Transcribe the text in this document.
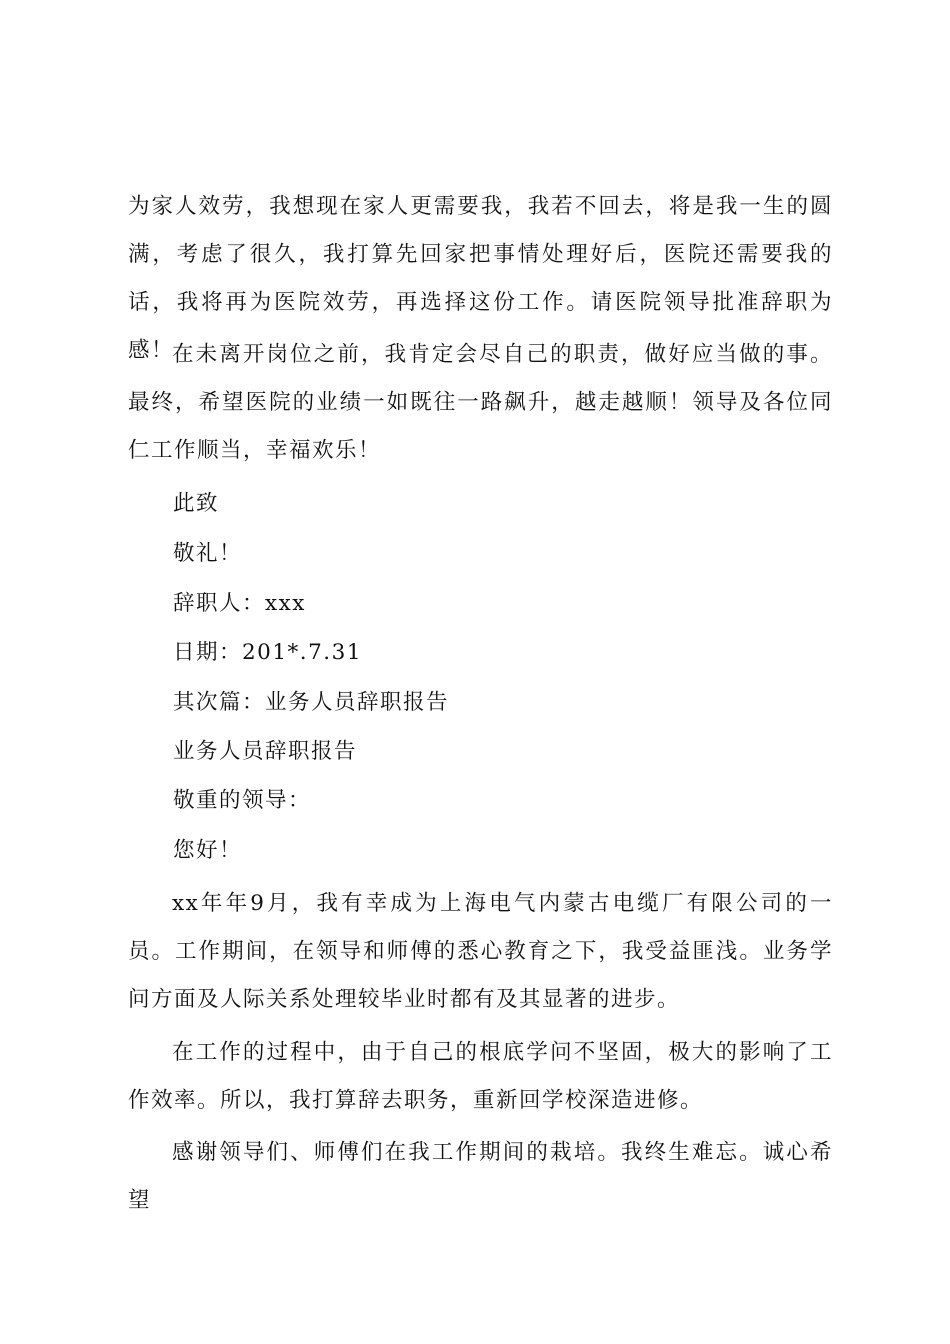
为家人效劳，我想现在家人更需要我，我若不回去，将是我一生的圆满，考虑了很久，我打算先回家把事情处理好后，医院还需要我的话，我将再为医院效劳，再选择这份工作。请医院领导批准辞职为感！

在未离开岗位之前，我肯定会尽自己的职责，做好应当做的事。最终，希望医院的业绩一如既往一路飙升，越走越顺！领导及各位同仁工作顺当，幸福欢乐！

此致

敬礼！

辞职人：xxx

日期：201*.7.31

其次篇：业务人员辞职报告

业务人员辞职报告

敬重的领导：

您好！

xx年年9月，我有幸成为上海电气内蒙古电缆厂有限公司的一员。工作期间，在领导和师傅的悉心教育之下，我受益匪浅。业务学问方面及人际关系处理较毕业时都有及其显著的进步。

在工作的过程中，由于自己的根底学问不坚固，极大的影响了工作效率。所以，我打算辞去职务，重新回学校深造进修。

感谢领导们、师傅们在我工作期间的栽培。我终生难忘。诚心希望
